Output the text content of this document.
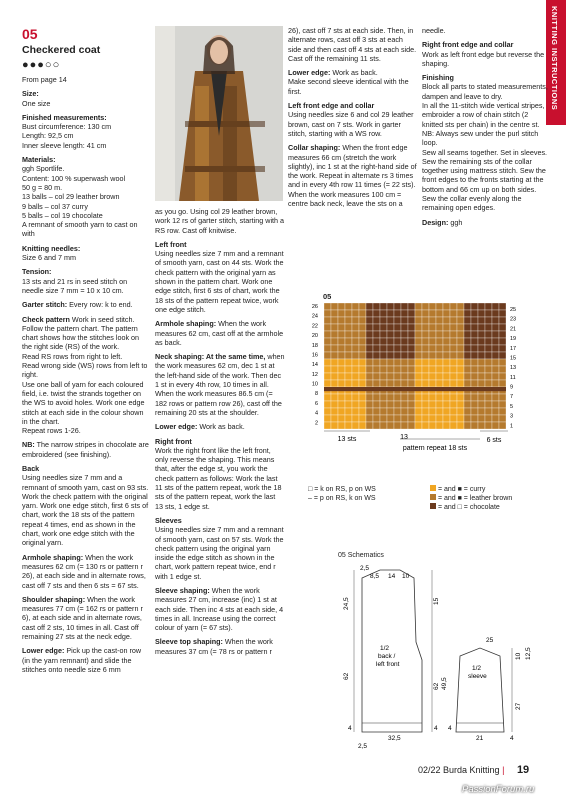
KNITTING INSTRUCTIONS
05
Checkered coat
●●●○○

From page 14

Size:
One size

Finished measurements:
Bust circumference: 130 cm
Length: 92,5 cm
Inner sleeve length: 41 cm

Materials:
ggh Sportlife.
Content: 100 % superwash wool
50 g = 80 m.
13 balls – col 29 leather brown
9 balls – col 37 curry
5 balls – col 19 chocolate
A remnant of smooth yarn to cast on with

Knitting needles:
Size 6 and 7 mm

Tension:
13 sts and 21 rs in seed stitch on needle size 7 mm = 10 x 10 cm.

Garter stitch: Every row: k to end.

Check pattern Work in seed stitch. Follow the pattern chart. The pattern chart shows how the stitches look on the right side (RS) of the work.
Read RS rows from right to left.
Read wrong side (WS) rows from left to right.
Use one ball of yarn for each coloured field, i.e. twist the strands together on the WS to avoid holes. Work one edge stitch at each side in the colour shown in the chart.
Repeat rows 1-26.

NB: The narrow stripes in chocolate are embroidered (see finishing).

Back
Using needles size 7 mm and a remnant of smooth yarn, cast on 93 sts. Work the check pattern with the original yarn. Work one edge stitch, first 6 sts of chart, work the 18 sts of the pattern repeat 4 times, end as shown in the chart, work one edge stitch with the original yarn.

Armhole shaping: When the work measures 62 cm (= 130 rs or pattern r 26), at each side and in alternate rows, cast off 7 sts and then 6 sts = 67 sts.

Shoulder shaping: When the work measures 77 cm (= 162 rs or pattern r 6), at each side and in alternate rows, cast off 2 sts, 10 times in all. Cast off remaining 27 sts at the neck edge.

Lower edge: Pick up the cast-on row (in the yarn remnant) and slide the stitches onto needle size 6 mm

as you go. Using col 29 leather brown, work 12 rs of garter stitch, starting with a RS row. Cast off knitwise.

Left front
Using needles size 7 mm and a remnant of smooth yarn, cast on 44 sts. Work the check pattern with the original yarn as shown in the pattern chart. Work one edge stitch, first 6 sts of chart, work the 18 sts of the pattern repeat twice, work one edge stitch.

Armhole shaping: When the work measures 62 cm, cast off at the armhole as back.

Neck shaping: At the same time, when the work measures 62 cm, dec 1 st at the left-hand side of the work. Then dec 1 st in every 4th row, 10 times in all.
When the work measures 86.5 cm (= 182 rows or pattern row 26), cast off the remaining 20 sts at the shoulder.

Lower edge: Work as back.

Right front
Work the right front like the left front, only reverse the shaping. This means that, after the edge st, you work the check pattern as follows: Work the last 11 sts of the pattern repeat, work the 18 sts of the pattern repeat, work the last 13 sts, 1 edge st.

Sleeves
Using needles size 7 mm and a remnant of smooth yarn, cast on 57 sts. Work the check pattern using the original yarn inside the edge stitch as shown in the chart, work pattern repeat twice, end r with 1 edge st.

Sleeve shaping: When the work measures 27 cm, increase (inc) 1 st at each side. Then inc 4 sts at each side, 4 times in all. Increase using the correct colour of yarn (= 67 sts).

Sleeve top shaping: When the work measures 37 cm (= 78 rs or pattern r

26), cast off 7 sts at each side. Then, in alternate rows, cast off 3 sts at each side and then cast off 4 sts at each side. Cast off the remaining 11 sts.

Lower edge: Work as back.
Make second sleeve identical with the first.

Left front edge and collar
Using needles size 6 and col 29 leather brown, cast on 7 sts. Work in garter stitch, starting with a WS row.

Collar shaping: When the front edge measures 66 cm (stretch the work slightly), inc 1 st at the right-hand side of the work. Repeat in alternate rs 3 times and in every 4th row 11 times (= 22 sts).
When the work measures 100 cm = centre back neck, leave the sts on a

needle.

Right front edge and collar
Work as left front edge but reverse the shaping.

Finishing
Block all parts to stated measurements, dampen and leave to dry.
In all the 11-stitch wide vertical stripes, embroider a row of chain stitch (2 knitted sts per chain) in the centre st. NB: Always sew under the purl stitch loop.
Sew all seams together. Set in sleeves.
Sew the remaining sts of the collar together using mattress stitch. Sew the front edges to the fronts starting at the bottom and 66 cm up on both sides. Sew the collar evenly along the remaining open edges.

Design: ggh

05
26
24
22
20
18
16
14
12
10
8
6
4
2
25
23
21
19
17
15
13
11
9
7
5
3
1
13 sts	13
pattern repeat 18 sts
6 sts
□ = k on RS, p on WS
– = p on RS, k on WS
= and ■ = curry
= and ■ = leather brown
= and □ = chocolate
05 Schematics
2,5
8,5 14 10
24,5	15
62
1/2
back /
left front
62 49,5
25
10 12,5
1/2
sleeve
27
4
32,5
2,5
4 4
21	4
02/22 Burda Knitting | 19
PassionForum.ru
